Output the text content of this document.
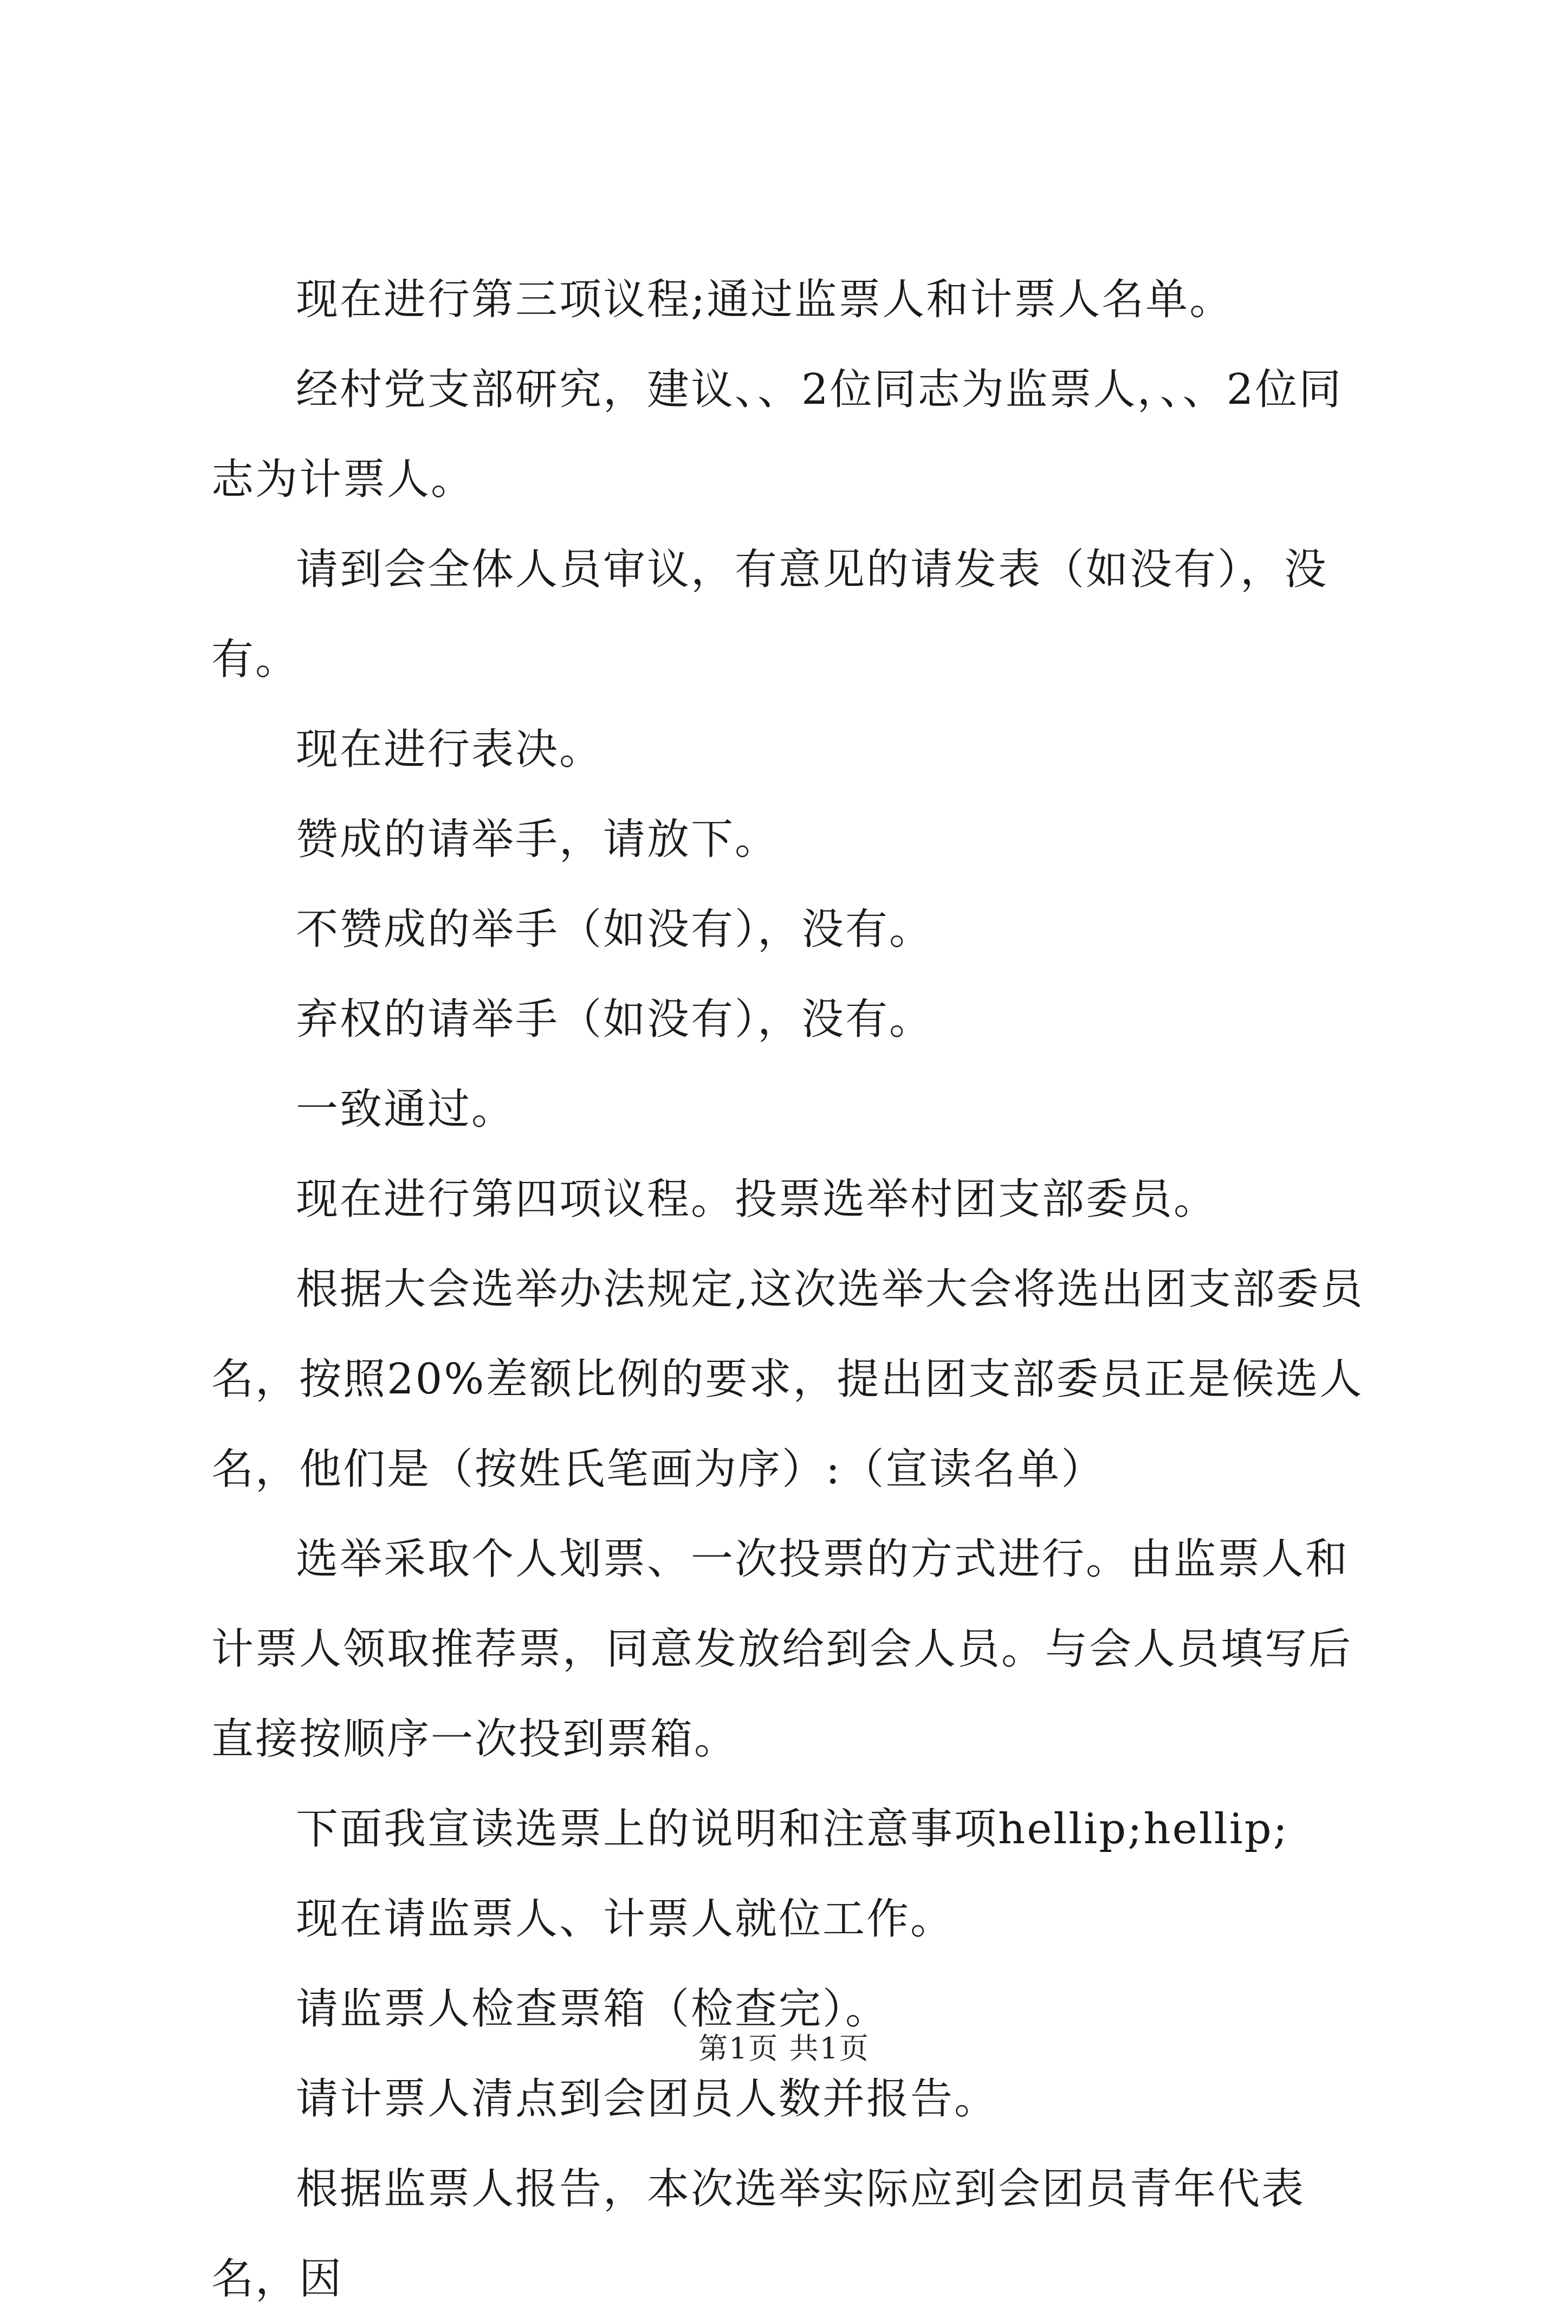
现在进行第三项议程;通过监票人和计票人名单。

经村党支部研究，建议、、2位同志为监票人，、、2位同志为计票人。

请到会全体人员审议，有意见的请发表（如没有），没有。

现在进行表决。

赞成的请举手，请放下。

不赞成的举手（如没有），没有。

弃权的请举手（如没有），没有。

一致通过。

现在进行第四项议程。投票选举村团支部委员。

根据大会选举办法规定,这次选举大会将选出团支部委员名，按照20%差额比例的要求，提出团支部委员正是候选人名，他们是（按姓氏笔画为序）:（宣读名单）

选举采取个人划票、一次投票的方式进行。由监票人和计票人领取推荐票，同意发放给到会人员。与会人员填写后直接按顺序一次投到票箱。

下面我宣读选票上的说明和注意事项hellip;hellip;

现在请监票人、计票人就位工作。

请监票人检查票箱（检查完）。

请计票人清点到会团员人数并报告。

根据监票人报告，本次选举实际应到会团员青年代表名，因

第1页 共1页
